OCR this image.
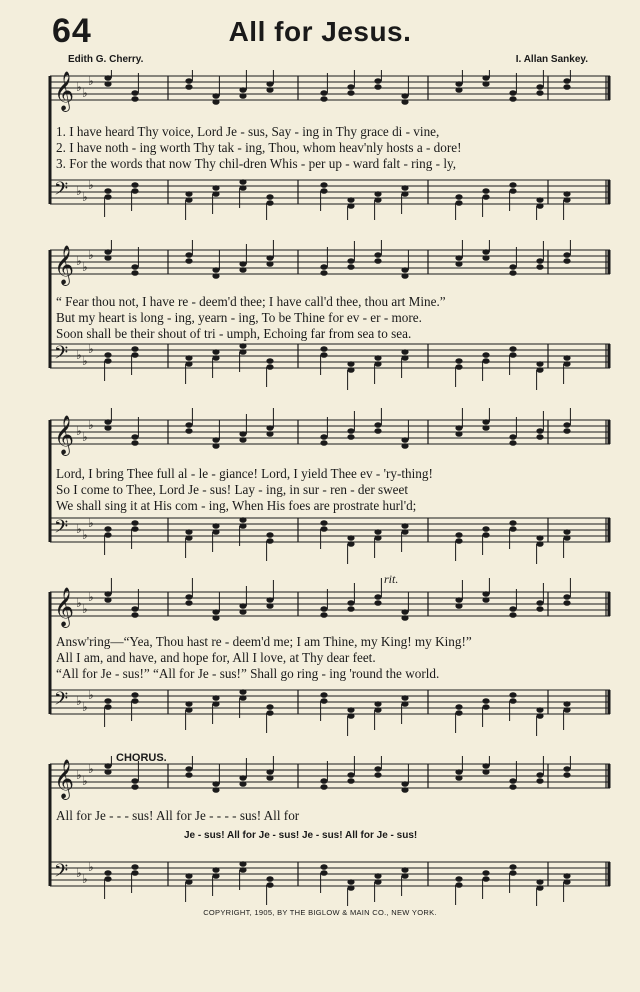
64	All for Jesus.
Edith G. Cherry.	I. Allan Sankey.
𝄞 ♭ ♭
♭
𝄢 ♭ ♭
♭
1. I have heard Thy voice, Lord Je - sus, Say - ing in Thy grace di - vine,
2. I have noth - ing worth Thy tak - ing, Thou, whom heav'nly hosts a - dore!
3. For the words that now Thy chil-dren Whis - per up - ward falt - ring - ly,
𝄞 ♭ ♭
♭
𝄢 ♭ ♭
♭
“ Fear thou not, I have re - deem'd thee; I have call'd thee, thou art Mine.”
But my heart is long - ing, yearn - ing, To be Thine for ev - er - more.
Soon shall be their shout of tri - umph, Echoing far from sea to sea.
𝄞 ♭ ♭
♭
𝄢 ♭ ♭
♭
Lord, I bring Thee full al - le - giance! Lord, I yield Thee ev - 'ry-thing!
So I come to Thee, Lord Je - sus! Lay - ing, in sur - ren - der sweet
We shall sing it at His com - ing, When His foes are prostrate hurl'd;
𝄞 ♭ ♭
♭
𝄢 ♭ ♭
♭
rit.
Answ'ring—“Yea, Thou hast re - deem'd me; I am Thine, my King! my King!”
All I am, and have, and hope for, All I love, at Thy dear feet.
“All for Je - sus!” “All for Je - sus!” Shall go ring - ing 'round the world.
CHORUS.
𝄞 ♭ ♭
♭
𝄢 ♭ ♭
♭
All for Je - - - sus! All for Je - - - - sus! All for
Je - sus! All for Je - sus! Je - sus! All for Je - sus!
COPYRIGHT, 1905, BY THE BIGLOW & MAIN CO., NEW YORK.
